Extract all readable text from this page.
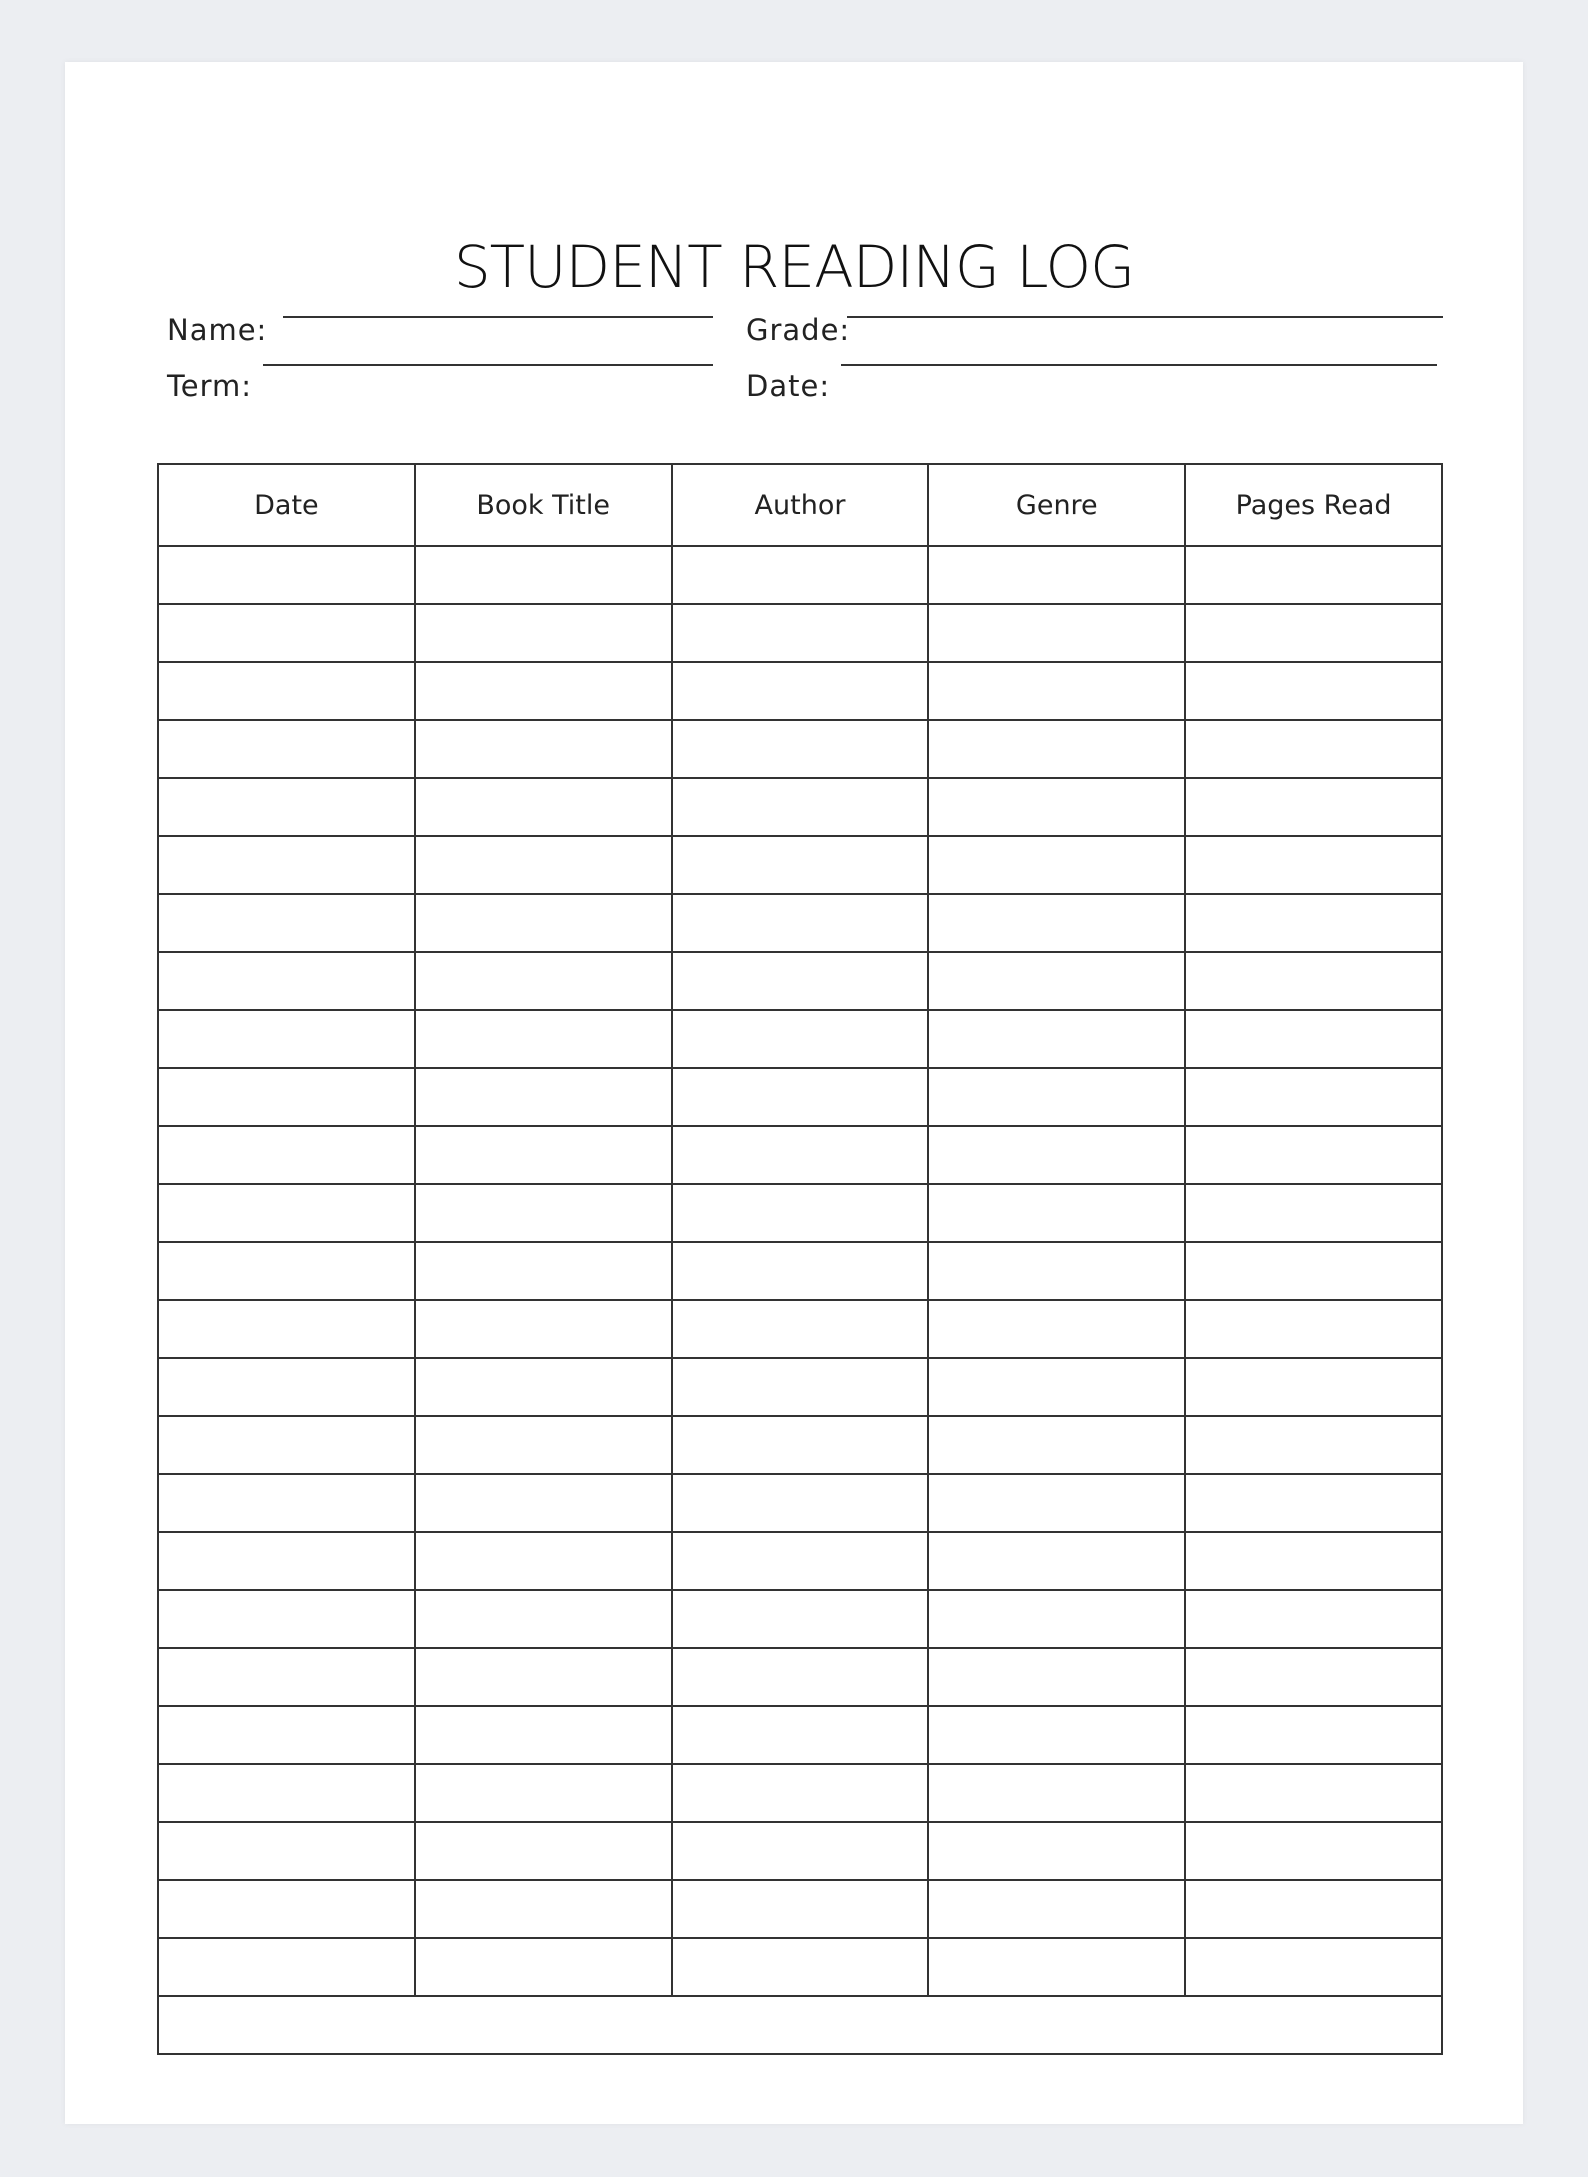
STUDENT READING LOG
Name:	Grade:
Term:	Date:
Date	Book Title	Author	Genre	Pages Read
